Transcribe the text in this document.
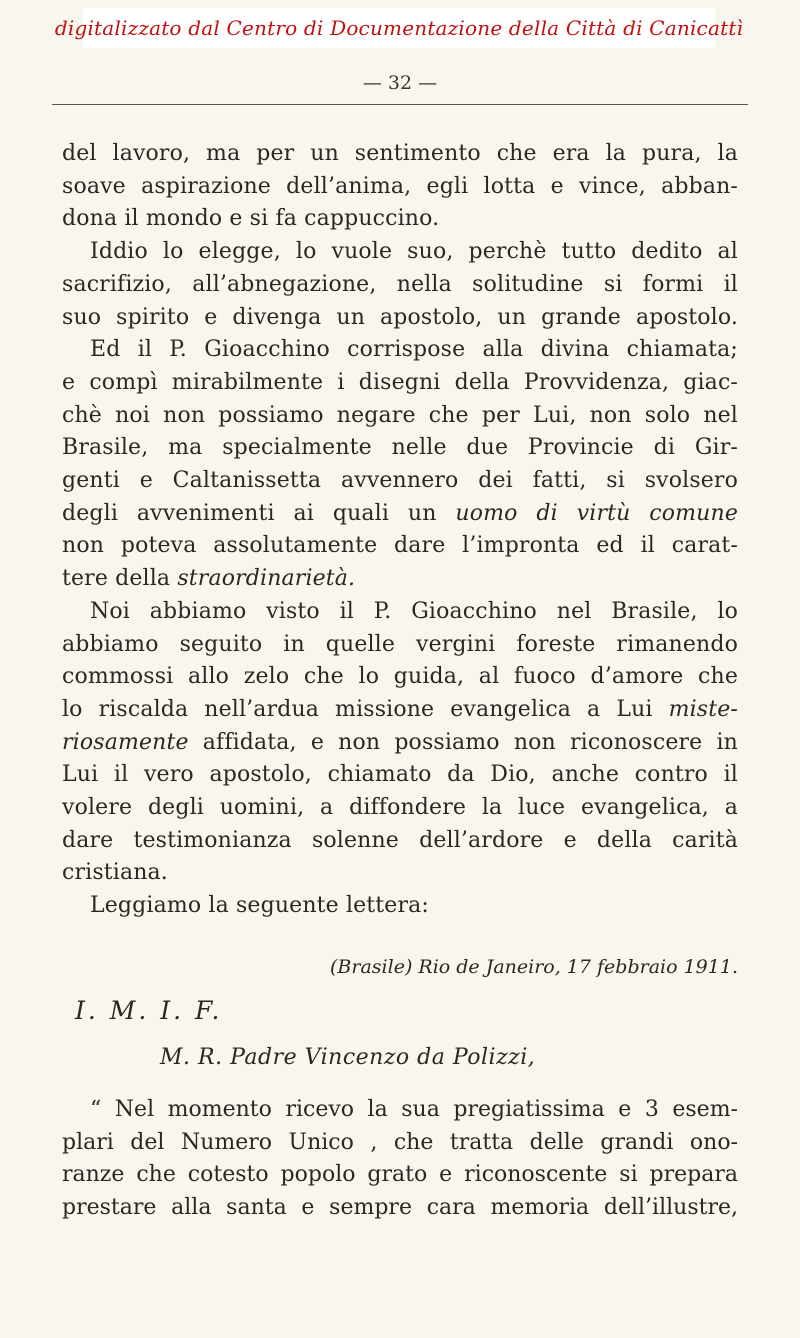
digitalizzato dal Centro di Documentazione della Città di Canicattì
— 32 —

del lavoro, ma per un sentimento che era la pura, la
soave aspirazione dell’anima, egli lotta e vince, abban-
dona il mondo e si fa cappuccino.

Iddio lo elegge, lo vuole suo, perchè tutto dedito al
sacrifizio, all’abnegazione, nella solitudine si formi il
suo spirito e divenga un apostolo, un grande apostolo.

Ed il P. Gioacchino corrispose alla divina chiamata;
e compì mirabilmente i disegni della Provvidenza, giac-
chè noi non possiamo negare che per Lui, non solo nel
Brasile, ma specialmente nelle due Provincie di Gir-
genti e Caltanissetta avvennero dei fatti, si svolsero
degli avvenimenti ai quali un uomo di virtù comune
non poteva assolutamente dare l’impronta ed il carat-
tere della straordinarietà.

Noi abbiamo visto il P. Gioacchino nel Brasile, lo
abbiamo seguito in quelle vergini foreste rimanendo
commossi allo zelo che lo guida, al fuoco d’amore che
lo riscalda nell’ardua missione evangelica a Lui miste-
riosamente affidata, e non possiamo non riconoscere in
Lui il vero apostolo, chiamato da Dio, anche contro il
volere degli uomini, a diffondere la luce evangelica, a
dare testimonianza solenne dell’ardore e della carità
cristiana.

Leggiamo la seguente lettera:

(Brasile) Rio de Janeiro, 17 febbraio 1911.
I. M. I. F.
M. R. Padre Vincenzo da Polizzi,
“ Nel momento ricevo la sua pregiatissima e 3 esem-
plari del Numero Unico , che tratta delle grandi ono-
ranze che cotesto popolo grato e riconoscente si prepara
prestare alla santa e sempre cara memoria dell’illustre,
